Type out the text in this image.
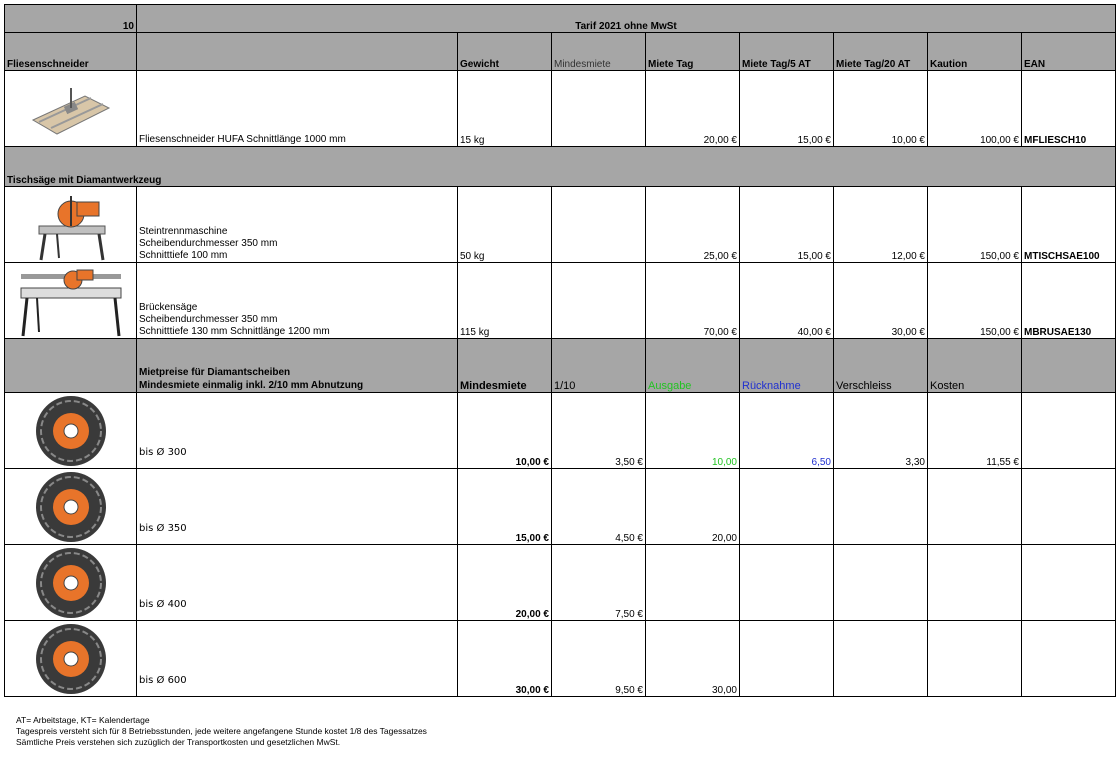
10	Tarif 2021 ohne MwSt							
Fliesenschneider		Gewicht	Mindesmiete	Miete Tag	Miete Tag/5 AT	Miete Tag/20 AT	Kaution	EAN

	Fliesenschneider HUFA Schnittlänge 1000 mm	15 kg		20,00 €	15,00 €	10,00 €	100,00 €	MFLIESCH10
Tischsäge mit Diamantwerkzeug								

Steintrennmaschine
Scheibendurchmesser 350 mm
Schnitttiefe 100 mm	50 kg		25,00 €	15,00 €	12,00 €	150,00 €	MTISCHSAE100

Brückensäge
Scheibendurchmesser 350 mm
Schnitttiefe 130 mm Schnittlänge 1200 mm	115 kg		70,00 €	40,00 €	30,00 €	150,00 €	MBRUSAE130

	Mietpreise für Diamantscheiben
Mindesmiete einmalig inkl. 2/10 mm Abnutzung	Mindesmiete	1/10	Ausgabe	Rücknahme	Verschleiss	Kosten	

	bis Ø 300	10,00 €	3,50 €	10,00	6,50	3,30	11,55 €	

	bis Ø 350	15,00 €	4,50 €	20,00				

	bis Ø 400	20,00 €	7,50 €					

	bis Ø 600	30,00 €	9,50 €	30,00				
AT= Arbeitstage, KT= Kalendertage
Tagespreis versteht sich für 8 Betriebsstunden, jede weitere angefangene Stunde kostet 1/8 des Tagessatzes
Sämtliche Preis verstehen sich zuzüglich der Transportkosten und gesetzlichen MwSt.
